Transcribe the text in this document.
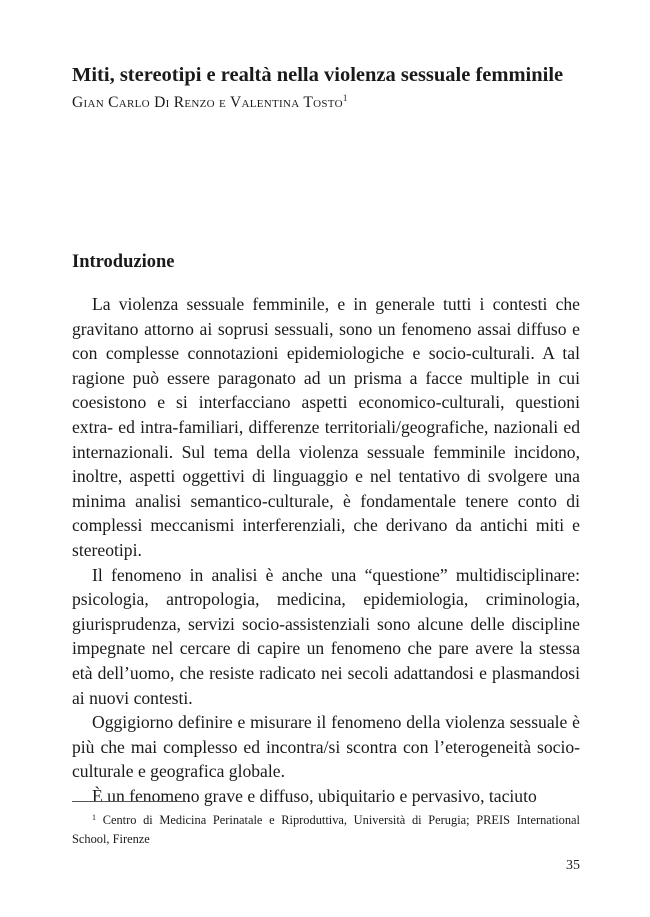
Miti, stereotipi e realtà nella violenza sessuale femminile

Gian Carlo Di Renzo e Valentina Tosto$^1$

Introduzione

La violenza sessuale femminile, e in generale tutti i contesti che gravitano attorno ai soprusi sessuali, sono un fenomeno assai diffuso e con complesse connotazioni epidemiologiche e socio-culturali. A tal ragione può essere paragonato ad un prisma a facce multiple in cui coesistono e si interfacciano aspetti economico-culturali, questioni extra- ed intra-familiari, differenze territoriali/geografiche, nazionali ed internazionali. Sul tema della violenza sessuale femminile incidono, inoltre, aspetti oggettivi di linguaggio e nel tentativo di svolgere una minima analisi semantico-culturale, è fondamentale tenere conto di complessi meccanismi interferenziali, che derivano da antichi miti e stereotipi.

Il fenomeno in analisi è anche una “questione” multidisciplinare: psicologia, antropologia, medicina, epidemiologia, criminologia, giurisprudenza, servizi socio-assistenziali sono alcune delle discipline impegnate nel cercare di capire un fenomeno che pare avere la stessa età dell’uomo, che resiste radicato nei secoli adattandosi e plasmandosi ai nuovi contesti.

Oggigiorno definire e misurare il fenomeno della violenza sessuale è più che mai complesso ed incontra/si scontra con l’eterogeneità socio-culturale e geografica globale.

È un fenomeno grave e diffuso, ubiquitario e pervasivo, taciuto

$^1$ Centro di Medicina Perinatale e Riproduttiva, Università di Perugia; PREIS International School, Firenze
35
